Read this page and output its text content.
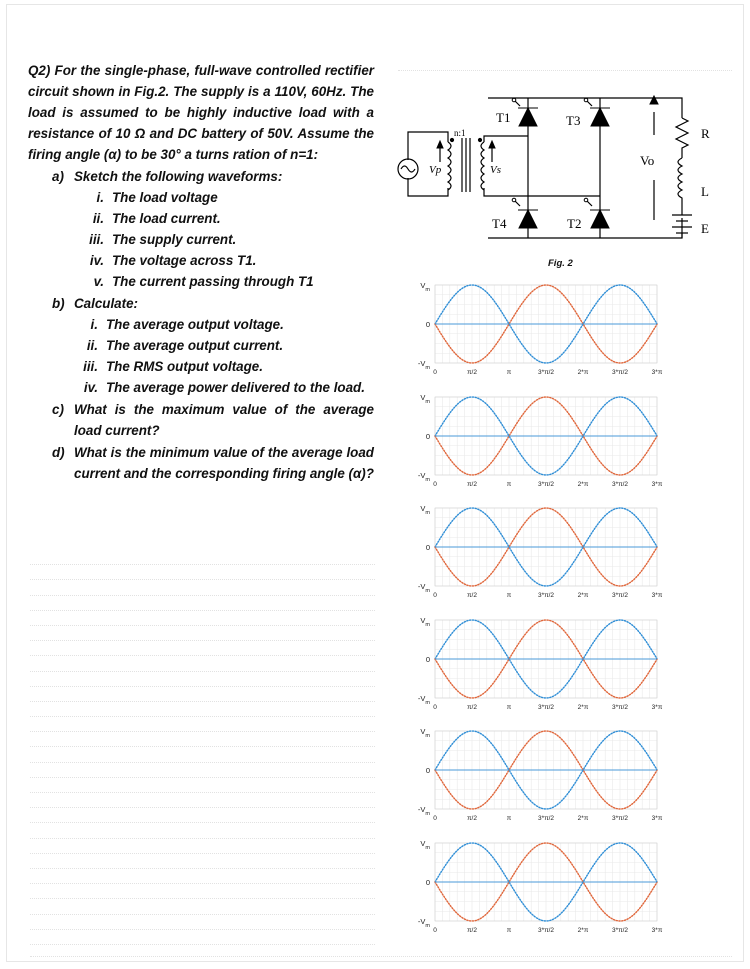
Q2) For the single-phase, full-wave controlled rectifier circuit shown in Fig.2. The supply is a 110V, 60Hz. The load is assumed to be highly inductive load with a resistance of 10 Ω and DC battery of 50V. Assume the firing angle (α) to be 30° a turns ration of n=1:
a) Sketch the following waveforms:
i. The load voltage
ii. The load current.
iii. The supply current.
iv. The voltage across T1.
v. The current passing through T1
b) Calculate:
i. The average output voltage.
ii. The average output current.
iii. The RMS output voltage.
iv. The average power delivered to the load.
c) What is the maximum value of the average load current?
d) What is the minimum value of the average load current and the corresponding firing angle (α)?
T1	T3
T4	T2
n:1
Vp	Vs
Vo
R
L
E
Fig. 2
$V_m$
0
$-V_m$
0	π/2	π	3*π/2	2*π	3*π/2	3*π
$V_m$
0
$-V_m$
0	π/2	π	3*π/2	2*π	3*π/2	3*π
$V_m$
0
$-V_m$
0	π/2	π	3*π/2	2*π	3*π/2	3*π
$V_m$
0
$-V_m$
0	π/2	π	3*π/2	2*π	3*π/2	3*π
$V_m$
0
$-V_m$
0	π/2	π	3*π/2	2*π	3*π/2	3*π
$V_m$
0
$-V_m$
0	π/2	π	3*π/2	2*π	3*π/2	3*π
